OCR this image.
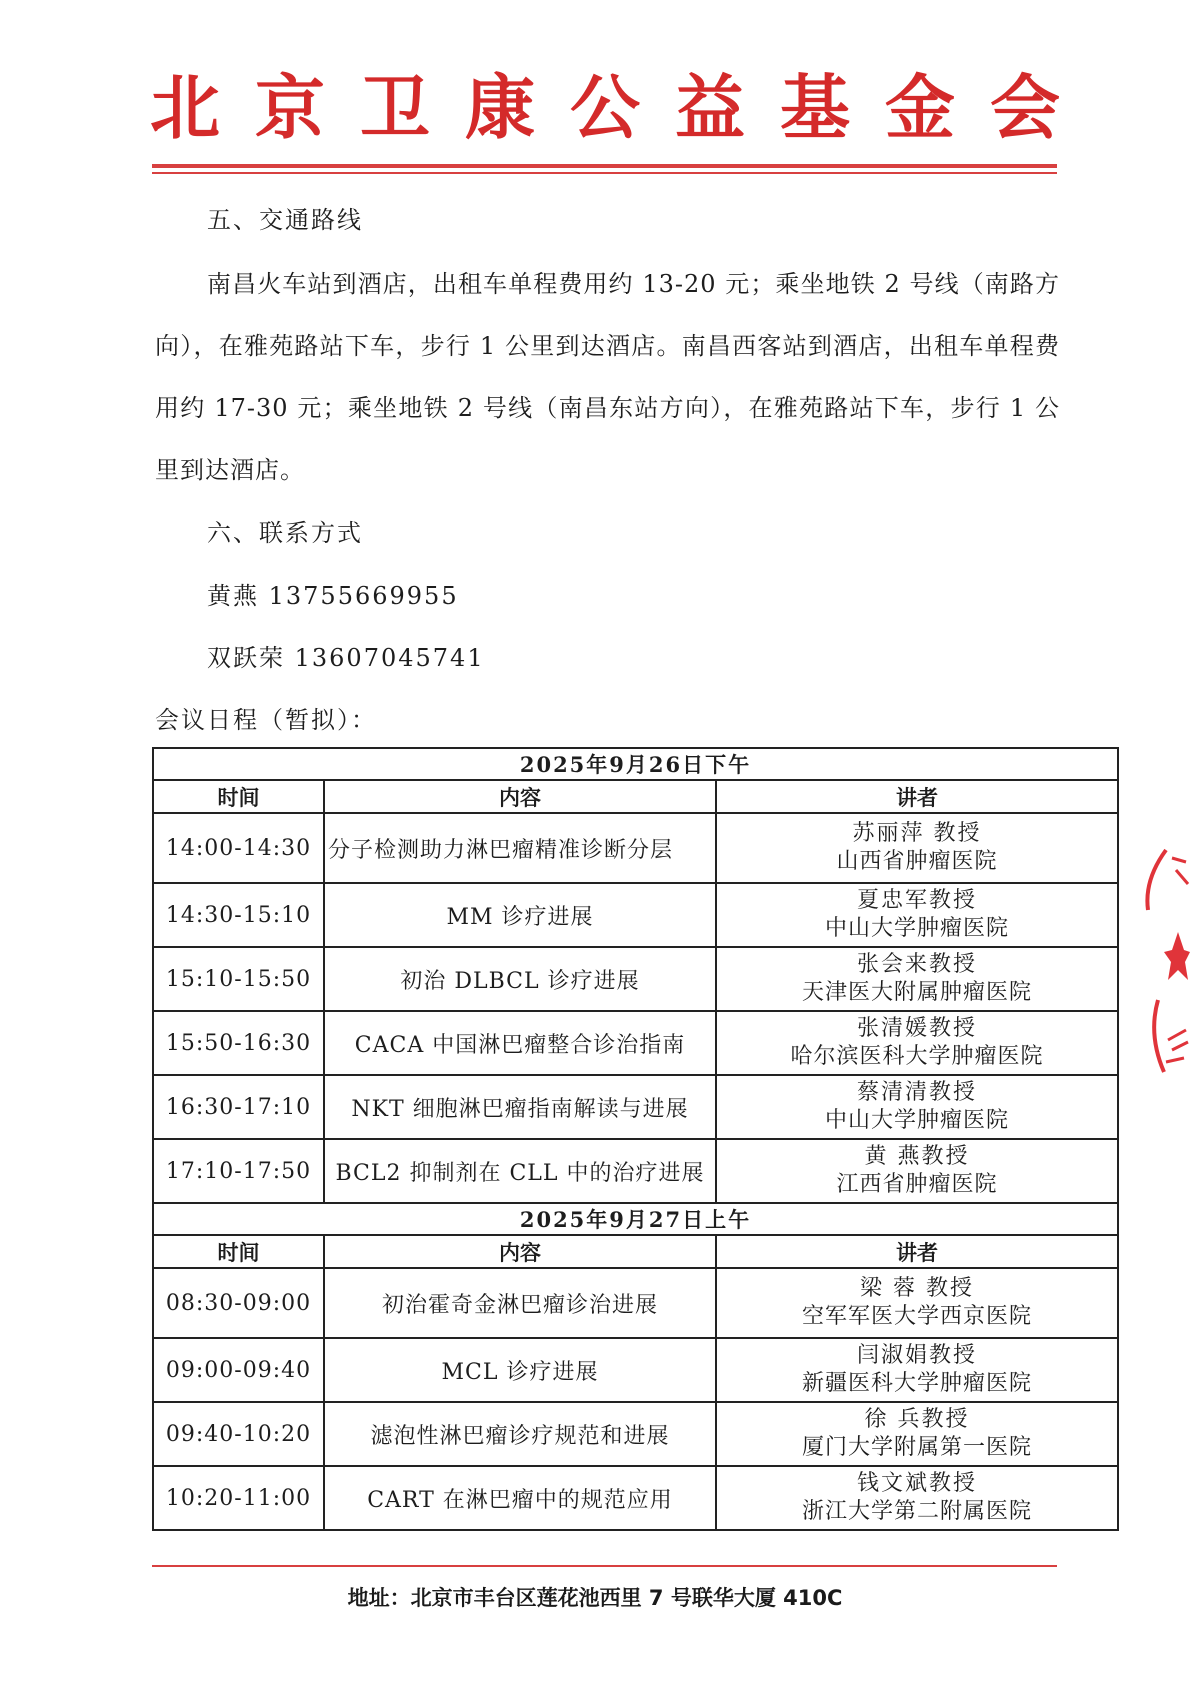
北 京 卫 康 公 益 基 金 会
五、交通路线

南昌火车站到酒店，出租车单程费用约 13-20 元；乘坐地铁 2 号线（南路方向），在雅苑路站下车，步行 1 公里到达酒店。南昌西客站到酒店，出租车单程费用约 17-30 元；乘坐地铁 2 号线（南昌东站方向），在雅苑路站下车，步行 1 公里到达酒店。

六、联系方式
黄燕 13755669955
双跃荣 13607045741
会议日程（暂拟）：
2025年9月26日下午		
时间	内容	讲者
14:00-14:30	分子检测助力淋巴瘤精准诊断分层	苏丽萍 教授
山西省肿瘤医院

14:30-15:10	MM 诊疗进展	夏忠军教授
中山大学肿瘤医院

15:10-15:50	初治 DLBCL 诊疗进展	张会来教授
天津医大附属肿瘤医院

15:50-16:30	CACA 中国淋巴瘤整合诊治指南	张清媛教授
哈尔滨医科大学肿瘤医院

16:30-17:10	NKT 细胞淋巴瘤指南解读与进展	蔡清清教授
中山大学肿瘤医院

17:10-17:50	BCL2 抑制剂在 CLL 中的治疗进展	黄 燕教授
江西省肿瘤医院

2025年9月27日上午		
时间	内容	讲者
08:30-09:00	初治霍奇金淋巴瘤诊治进展	梁 蓉 教授
空军军医大学西京医院

09:00-09:40	MCL 诊疗进展	闫淑娟教授
新疆医科大学肿瘤医院

09:40-10:20	滤泡性淋巴瘤诊疗规范和进展	徐 兵教授
厦门大学附属第一医院

10:20-11:00	CART 在淋巴瘤中的规范应用	钱文斌教授
浙江大学第二附属医院
地址：北京市丰台区莲花池西里 7 号联华大厦 410C
